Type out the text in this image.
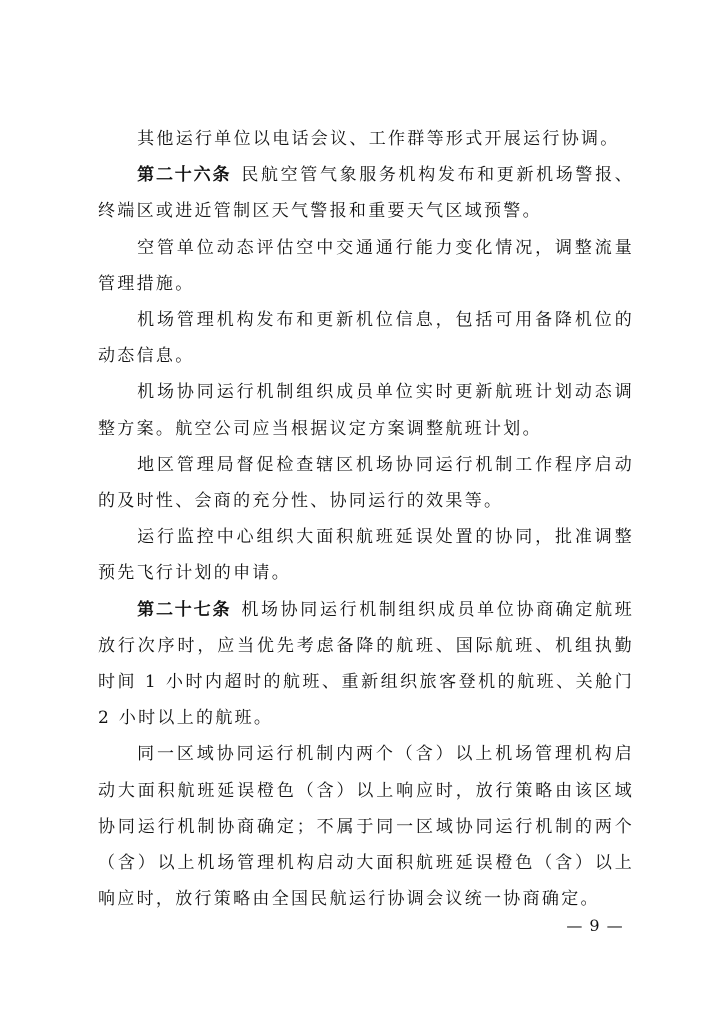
其他运行单位以电话会议、工作群等形式开展运行协调。

第二十六条 民航空管气象服务机构发布和更新机场警报、终端区或进近管制区天气警报和重要天气区域预警。

空管单位动态评估空中交通通行能力变化情况，调整流量管理措施。

机场管理机构发布和更新机位信息，包括可用备降机位的动态信息。

机场协同运行机制组织成员单位实时更新航班计划动态调整方案。航空公司应当根据议定方案调整航班计划。

地区管理局督促检查辖区机场协同运行机制工作程序启动的及时性、会商的充分性、协同运行的效果等。

运行监控中心组织大面积航班延误处置的协同，批准调整预先飞行计划的申请。

第二十七条 机场协同运行机制组织成员单位协商确定航班放行次序时，应当优先考虑备降的航班、国际航班、机组执勤时间 1 小时内超时的航班、重新组织旅客登机的航班、关舱门 2 小时以上的航班。

同一区域协同运行机制内两个（含）以上机场管理机构启动大面积航班延误橙色（含）以上响应时，放行策略由该区域协同运行机制协商确定；不属于同一区域协同运行机制的两个（含）以上机场管理机构启动大面积航班延误橙色（含）以上响应时，放行策略由全国民航运行协调会议统一协商确定。

— 9 —
